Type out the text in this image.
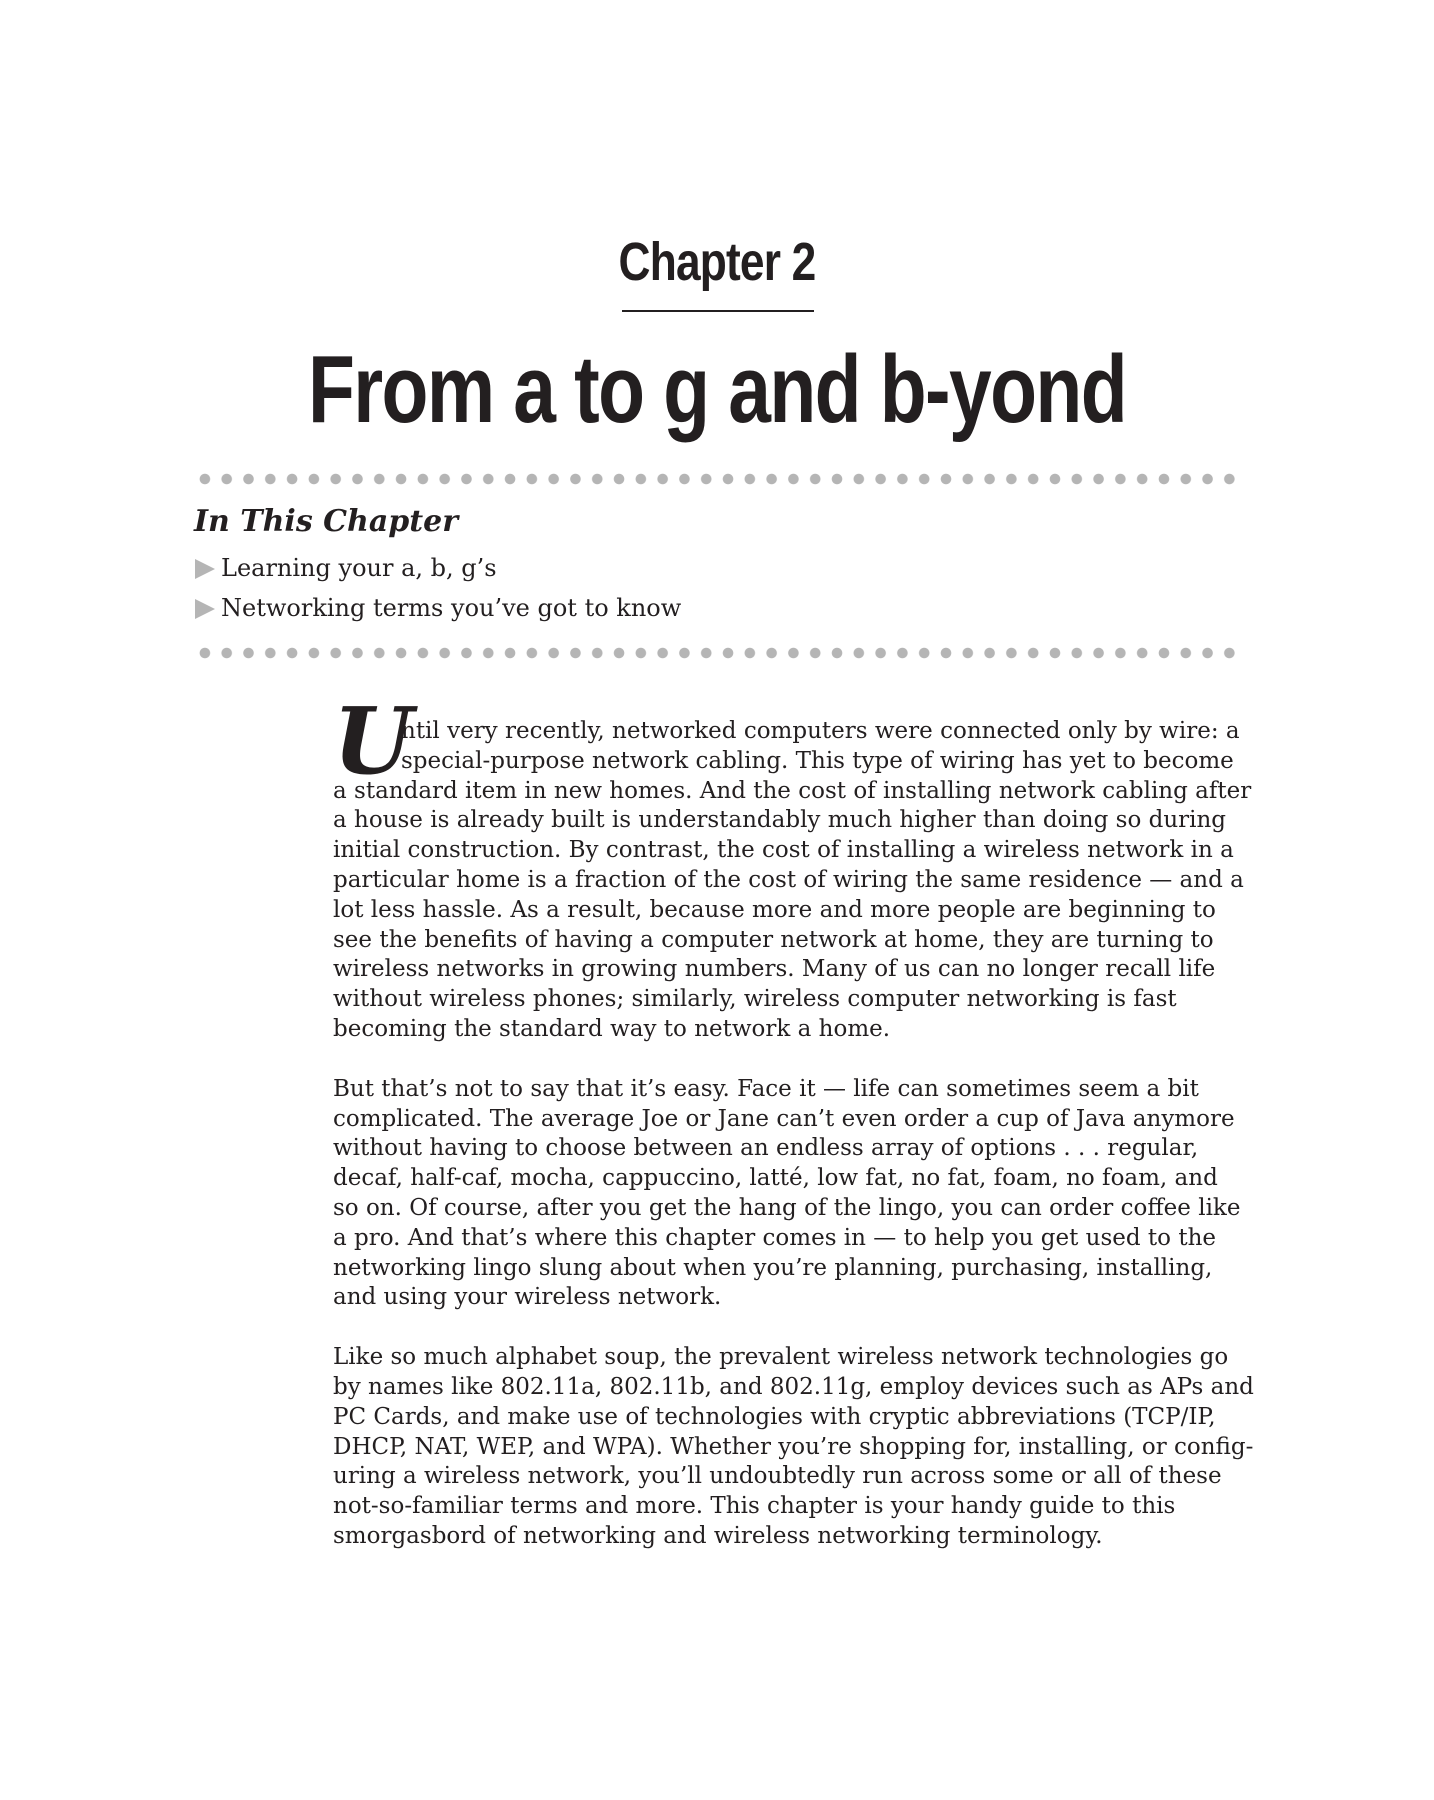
Chapter 2
From a to g and b-yond
In This Chapter
Learning your a, b, g’s
Networking terms you’ve got to know

U
ntil very recently, networked computers were connected only by wire: a
special-purpose network cabling. This type of wiring has yet to become
a standard item in new homes. And the cost of installing network cabling after
a house is already built is understandably much higher than doing so during
initial construction. By contrast, the cost of installing a wireless network in a
particular home is a fraction of the cost of wiring the same residence — and a
lot less hassle. As a result, because more and more people are beginning to
see the benefits of having a computer network at home, they are turning to
wireless networks in growing numbers. Many of us can no longer recall life
without wireless phones; similarly, wireless computer networking is fast
becoming the standard way to network a home.

But that’s not to say that it’s easy. Face it — life can sometimes seem a bit
complicated. The average Joe or Jane can’t even order a cup of Java anymore
without having to choose between an endless array of options . . . regular,
decaf, half-caf, mocha, cappuccino, latté, low fat, no fat, foam, no foam, and
so on. Of course, after you get the hang of the lingo, you can order coffee like
a pro. And that’s where this chapter comes in — to help you get used to the
networking lingo slung about when you’re planning, purchasing, installing,
and using your wireless network.

Like so much alphabet soup, the prevalent wireless network technologies go
by names like 802.11a, 802.11b, and 802.11g, employ devices such as APs and
PC Cards, and make use of technologies with cryptic abbreviations (TCP/IP,
DHCP, NAT, WEP, and WPA). Whether you’re shopping for, installing, or config-
uring a wireless network, you’ll undoubtedly run across some or all of these
not-so-familiar terms and more. This chapter is your handy guide to this
smorgasbord of networking and wireless networking terminology.
